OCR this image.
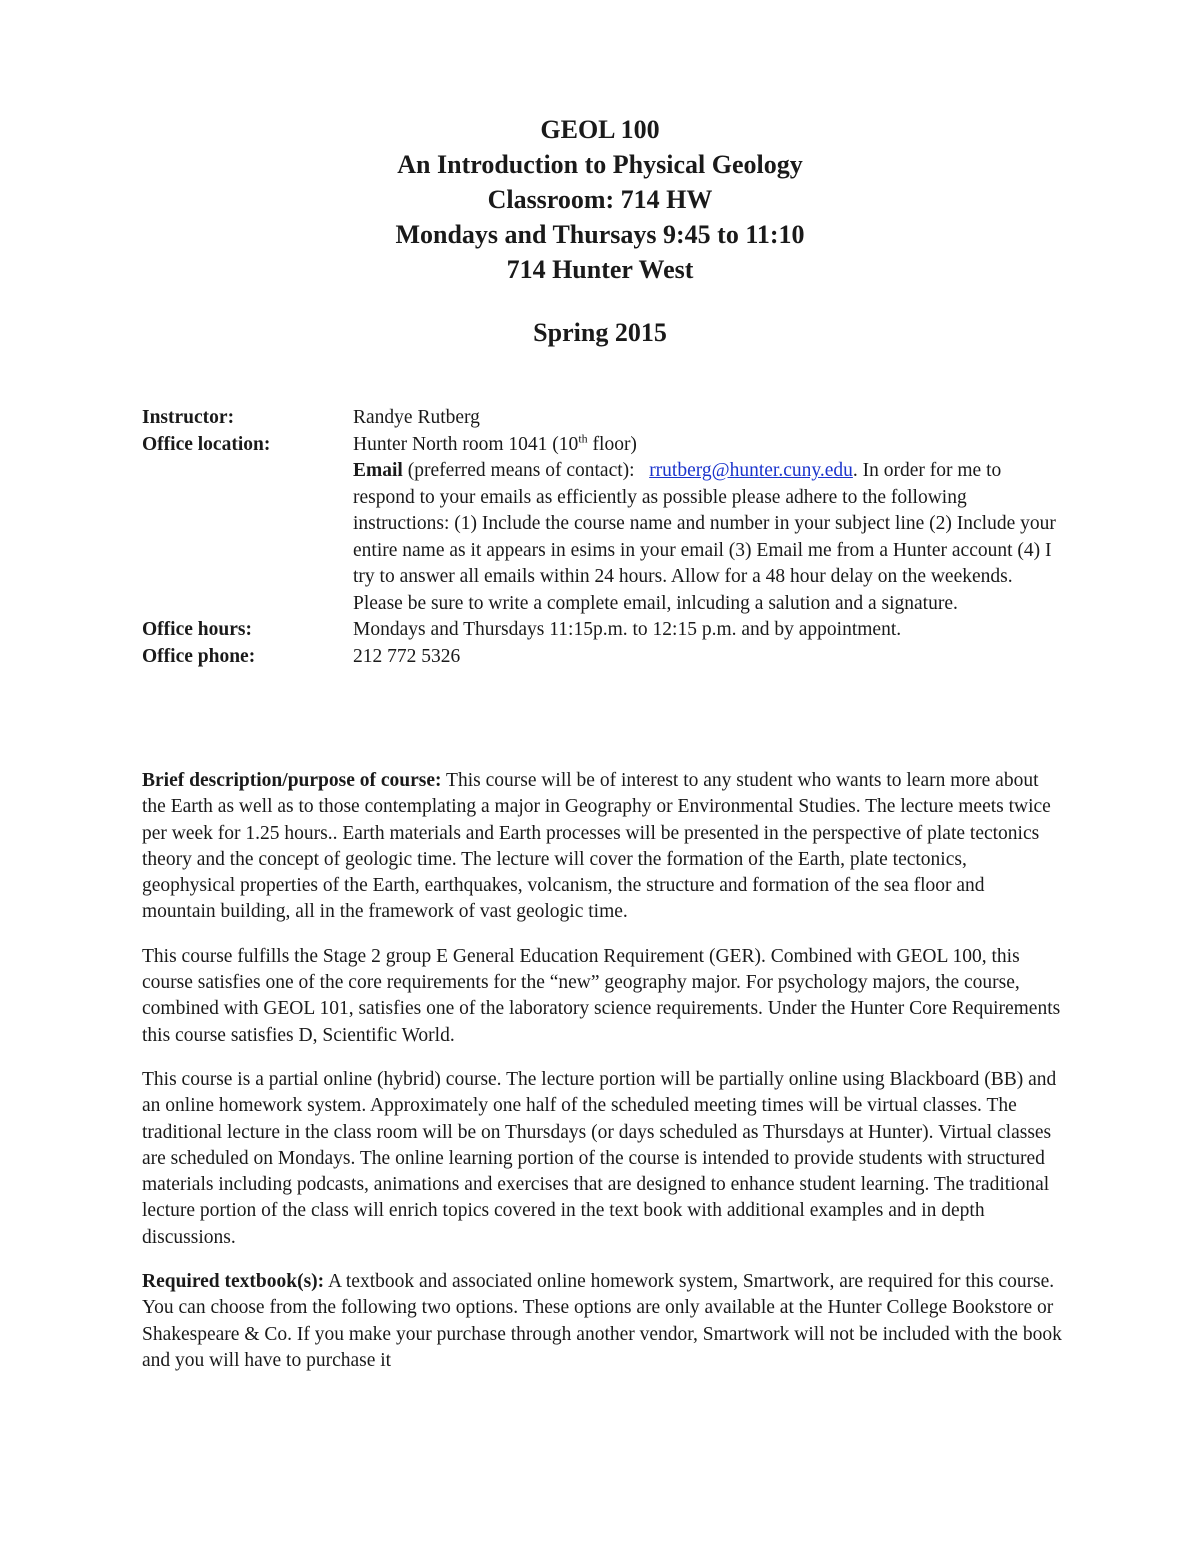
GEOL 100
An Introduction to Physical Geology
Classroom: 714 HW
Mondays and Thursays 9:45 to 11:10
714 Hunter West
Spring 2015
Instructor:	Randye Rutberg
Office location:	Hunter North room 1041 (10th floor)
Email (preferred means of contact):   rrutberg@hunter.cuny.edu. In order for me to respond to your emails as efficiently as possible please adhere to the following instructions: (1) Include the course name and number in your subject line (2) Include your entire name as it appears in esims in your email (3) Email me from a Hunter account (4) I try to answer all emails within 24 hours. Allow for a 48 hour delay on the weekends. Please be sure to write a complete email, inlcuding a salution and a signature.
Office hours:	Mondays and Thursdays 11:15p.m. to 12:15 p.m. and by appointment.
Office phone:	212 772 5326

Brief description/purpose of course: This course will be of interest to any student who wants to learn more about the Earth as well as to those contemplating a major in Geography or Environmental Studies. The lecture meets twice per week for 1.25 hours.. Earth materials and Earth processes will be presented in the perspective of plate tectonics theory and the concept of geologic time. The lecture will cover the formation of the Earth, plate tectonics, geophysical properties of the Earth, earthquakes, volcanism, the structure and formation of the sea floor and mountain building, all in the framework of vast geologic time.

This course fulfills the Stage 2 group E General Education Requirement (GER). Combined with GEOL 100, this course satisfies one of the core requirements for the “new” geography major. For psychology majors, the course, combined with GEOL 101, satisfies one of the laboratory science requirements. Under the Hunter Core Requirements this course satisfies D, Scientific World.

This course is a partial online (hybrid) course. The lecture portion will be partially online using Blackboard (BB) and an online homework system. Approximately one half of the scheduled meeting times will be virtual classes. The traditional lecture in the class room will be on Thursdays (or days scheduled as Thursdays at Hunter). Virtual classes are scheduled on Mondays. The online learning portion of the course is intended to provide students with structured materials including podcasts, animations and exercises that are designed to enhance student learning. The traditional lecture portion of the class will enrich topics covered in the text book with additional examples and in depth discussions.

Required textbook(s): A textbook and associated online homework system, Smartwork, are required for this course. You can choose from the following two options. These options are only available at the Hunter College Bookstore or Shakespeare & Co. If you make your purchase through another vendor, Smartwork will not be included with the book and you will have to purchase it
